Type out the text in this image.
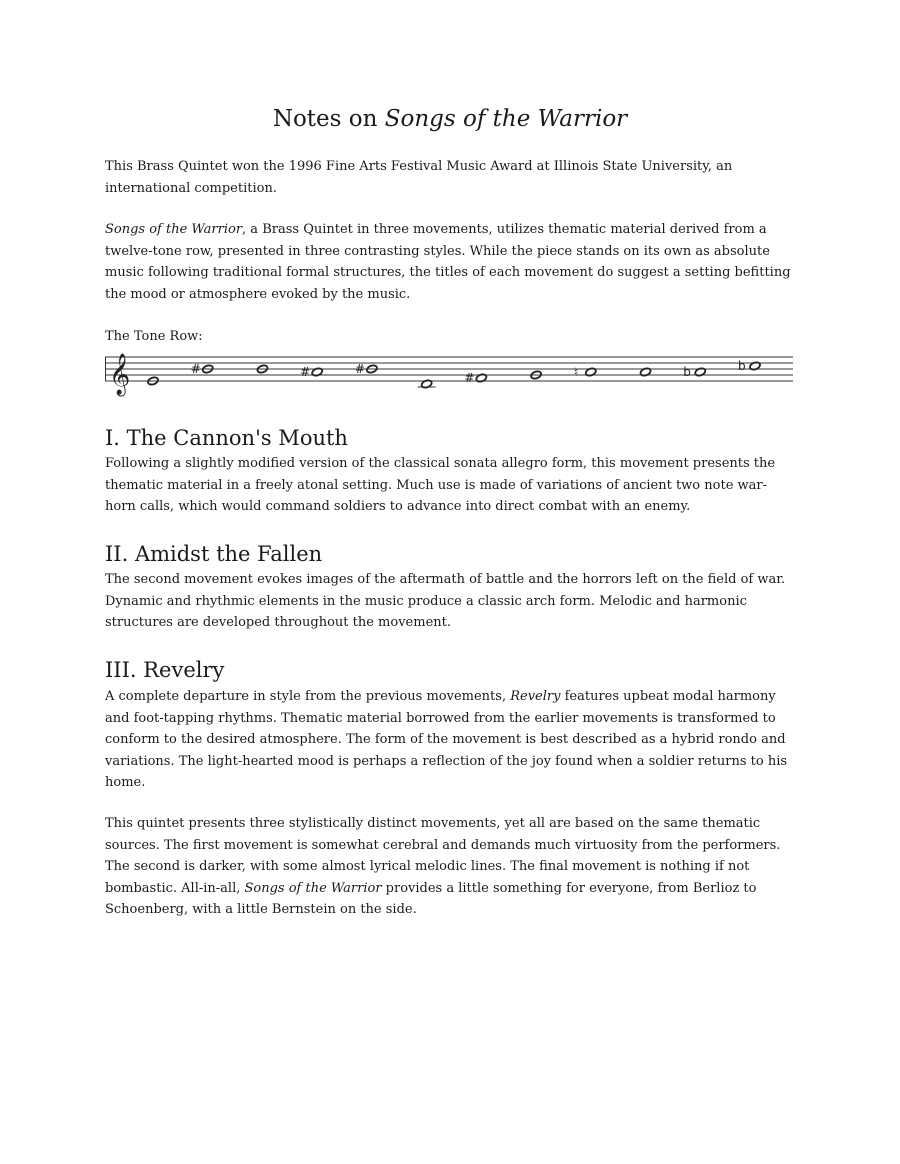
Notes on Songs of the Warrior

This Brass Quintet won the 1996 Fine Arts Festival Music Award at Illinois State University, an international competition.

Songs of the Warrior, a Brass Quintet in three movements, utilizes thematic material derived from a twelve-tone row, presented in three contrasting styles. While the piece stands on its own as absolute music following traditional formal structures, the titles of each movement do suggest a setting befitting the mood or atmosphere evoked by the music.

The Tone Row:

𝄞	#	#	#
#	♮	b	b
I. The Cannon's Mouth

Following a slightly modified version of the classical sonata allegro form, this movement presents the thematic material in a freely atonal setting. Much use is made of variations of ancient two note war-horn calls, which would command soldiers to advance into direct combat with an enemy.

II. Amidst the Fallen

The second movement evokes images of the aftermath of battle and the horrors left on the field of war. Dynamic and rhythmic elements in the music produce a classic arch form. Melodic and harmonic structures are developed throughout the movement.

III. Revelry

A complete departure in style from the previous movements, Revelry features upbeat modal harmony and foot-tapping rhythms. Thematic material borrowed from the earlier movements is transformed to conform to the desired atmosphere. The form of the movement is best described as a hybrid rondo and variations. The light-hearted mood is perhaps a reflection of the joy found when a soldier returns to his home.

This quintet presents three stylistically distinct movements, yet all are based on the same thematic sources. The first movement is somewhat cerebral and demands much virtuosity from the performers. The second is darker, with some almost lyrical melodic lines. The final movement is nothing if not bombastic. All-in-all, Songs of the Warrior provides a little something for everyone, from Berlioz to Schoenberg, with a little Bernstein on the side.
